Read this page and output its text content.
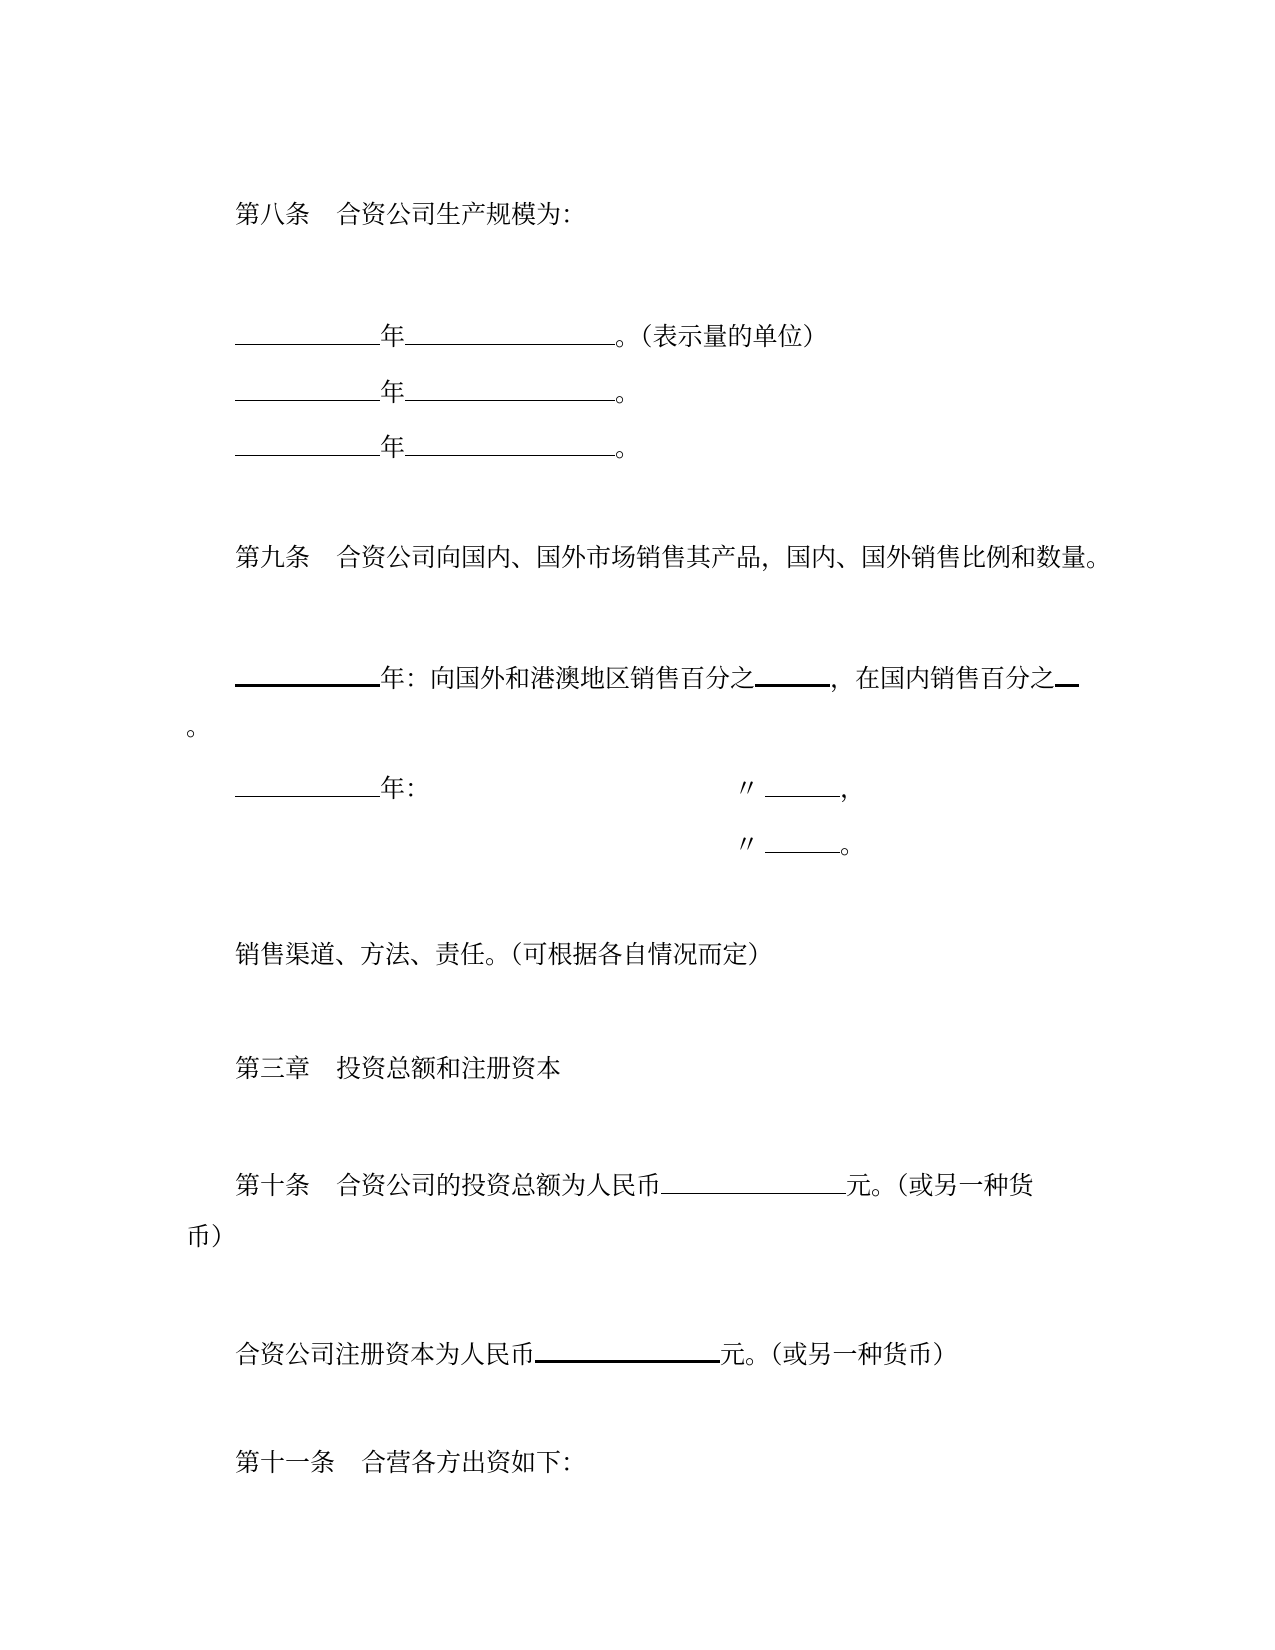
第八条 合资公司生产规模为：
年	。（表示量的单位）
年	。
年	。
第九条 合资公司向国内、国外市场销售其产品，国内、国外销售比例和数量。
年：向国外和港澳地区销售百分之	，在国内销售百分之
。
年：	〃	，
〃	。
销售渠道、方法、责任。（可根据各自情况而定）
第三章 投资总额和注册资本
第十条 合资公司的投资总额为人民币	元。（或另一种货
币）
合资公司注册资本为人民币	元。（或另一种货币）
第十一条 合营各方出资如下：
